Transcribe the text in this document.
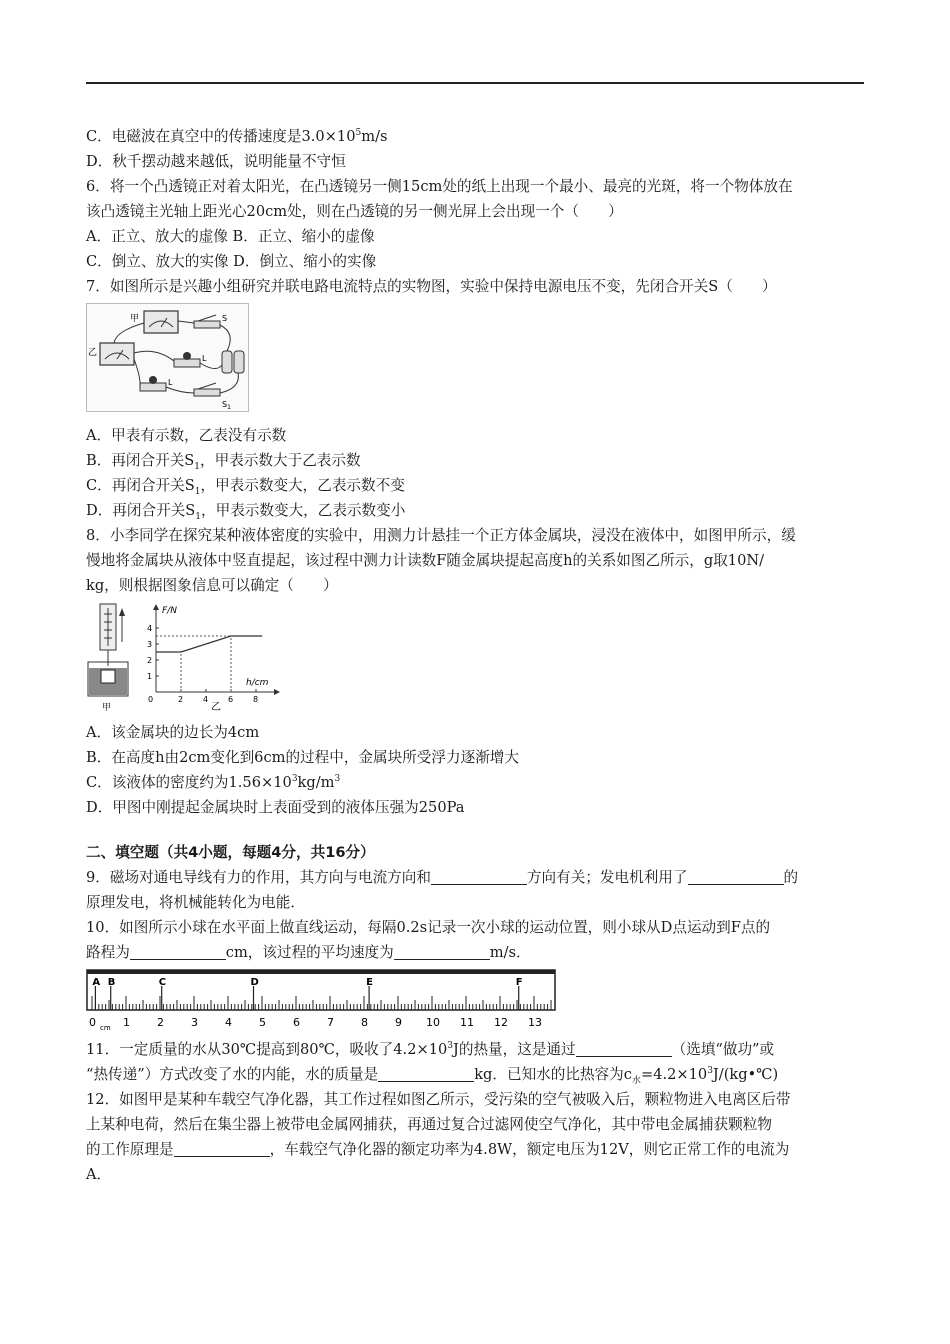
C．电磁波在真空中的传播速度是$3.0\times 10^5m/s$
D．秋千摆动越来越低，说明能量不守恒
6．将一个凸透镜正对着太阳光，在凸透镜另一侧15cm处的纸上出现一个最小、最亮的光斑，将一个物体放在
该凸透镜主光轴上距光心20cm处，则在凸透镜的另一侧光屏上会出现一个（　　）
A．正立、放大的虚像 B．正立、缩小的虚像
C．倒立、放大的实像 D．倒立、缩小的实像
7．如图所示是兴趣小组研究并联电路电流特点的实物图，实验中保持电源电压不变，先闭合开关S（　　）
甲
乙
S
L
L
$S_1$
A．甲表有示数，乙表没有示数
B．再闭合开关$S_1$，甲表示数大于乙表示数
C．再闭合开关$S_1$，甲表示数变大，乙表示数不变
D．再闭合开关$S_1$，甲表示数变大，乙表示数变小
8．小李同学在探究某种液体密度的实验中，用测力计悬挂一个正方体金属块，浸没在液体中，如图甲所示，缓
慢地将金属块从液体中竖直提起，该过程中测力计读数F随金属块提起高度h的关系如图乙所示，g取10N/
kg，则根据图象信息可以确定（　　）
甲
F/N
h/cm
0
乙
2 4 6 8
1
2
3
4
A．该金属块的边长为4cm
B．在高度h由2cm变化到6cm的过程中，金属块所受浮力逐渐增大
C．该液体的密度约为$1.56\times 10^3kg/m^3$
D．甲图中刚提起金属块时上表面受到的液体压强为250Pa
二、填空题（共4小题，每题4分，共16分）
9．磁场对通电导线有力的作用，其方向与电流方向和	方向有关；发电机利用了	的
原理发电，将机械能转化为电能．
10．如图所示小球在水平面上做直线运动，每隔0.2s记录一次小球的运动位置，则小球从D点运动到F点的
路程为	cm，该过程的平均速度为	m/s．
A B	C	D	E	F
0 1 2 3 4 5 6 7 8 9 10 11 12 13
cm
11．一定质量的水从30℃提高到80℃，吸收了$4.2\times 10^3J$的热量，这是通过	（选填“做功”或
“热传递”）方式改变了水的内能，水的质量是	kg．已知水的比热容为$c_水=4.2\times 10^3J/(kg•℃)$
12．如图甲是某种车载空气净化器，其工作过程如图乙所示，受污染的空气被吸入后，颗粒物进入电离区后带
上某种电荷，然后在集尘器上被带电金属网捕获，再通过复合过滤网使空气净化，其中带电金属捕获颗粒物
的工作原理是	，车载空气净化器的额定功率为4.8W，额定电压为12V，则它正常工作的电流为
A．
